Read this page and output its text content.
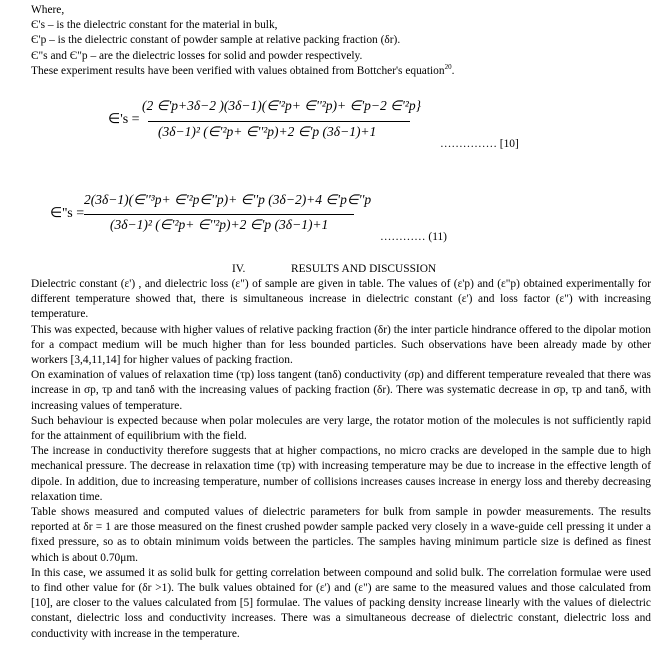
Where,
Є's – is the dielectric constant for the material in bulk,
Є'p – is the dielectric constant of powder sample at relative packing fraction (δr).
Є"s and Є"p – are the dielectric losses for solid and powder respectively.
These experiment results have been verified with values obtained from Bottcher's equation$^{20}$.
∈'s =
(2 ∈'p+3δ−2 )(3δ−1)(∈'²p+ ∈''²p)+ ∈'p−2 ∈'²p}
(3δ−1)² (∈'²p+ ∈''²p)+2 ∈'p (3δ−1)+1
…………… [10]
∈''s =
2(3δ−1)(∈''³p+ ∈'²p∈''p)+ ∈''p (3δ−2)+4 ∈'p∈''p
(3δ−1)² (∈'²p+ ∈''²p)+2 ∈'p (3δ−1)+1
………… (11)
IV.	RESULTS AND DISCUSSION

Dielectric constant (ε') , and dielectric loss (ε") of sample are given in table. The values of (ε'p) and (ε"p) obtained experimentally for different temperature showed that, there is simultaneous increase in dielectric constant (ε') and loss factor (ε") with increasing temperature.

This was expected, because with higher values of relative packing fraction (δr) the inter particle hindrance offered to the dipolar motion for a compact medium will be much higher than for less bounded particles. Such observations have been already made by other workers [3,4,11,14] for higher values of packing fraction.

On examination of values of relaxation time (τp) loss tangent (tanδ) conductivity (σp) and different temperature revealed that there was increase in σp, τp and tanδ with the increasing values of packing fraction (δr). There was systematic decrease in σp, τp and tanδ, with increasing values of temperature.

Such behaviour is expected because when polar molecules are very large, the rotator motion of the molecules is not sufficiently rapid for the attainment of equilibrium with the field.

The increase in conductivity therefore suggests that at higher compactions, no micro cracks are developed in the sample due to high mechanical pressure. The decrease in relaxation time (τp) with increasing temperature may be due to increase in the effective length of dipole. In addition, due to increasing temperature, number of collisions increases causes increase in energy loss and thereby decreasing relaxation time.

Table shows measured and computed values of dielectric parameters for bulk from sample in powder measurements. The results reported at δr = 1 are those measured on the finest crushed powder sample packed very closely in a wave-guide cell pressing it under a fixed pressure, so as to obtain minimum voids between the particles. The samples having minimum particle size is defined as finest which is about 0.70μm.

In this case, we assumed it as solid bulk for getting correlation between compound and solid bulk. The correlation formulae were used to find other value for (δr >1). The bulk values obtained for (ε') and (ε") are same to the measured values and those calculated from [10], are closer to the values calculated from [5] formulae. The values of packing density increase linearly with the values of dielectric constant, dielectric loss and conductivity increases. There was a simultaneous decrease of dielectric constant, dielectric loss and conductivity with increase in the temperature.
